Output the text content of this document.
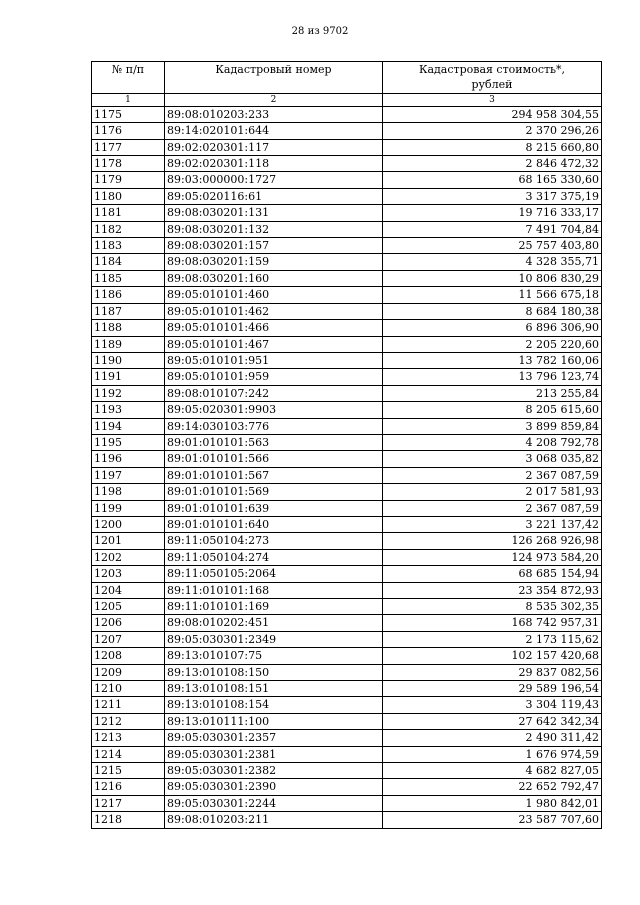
28 из 9702
№ п/п	Кадастровый номер	Кадастровая стоимость*,
рублей
1	2	3
1175	89:08:010203:233	294 958 304,55
1176	89:14:020101:644	2 370 296,26
1177	89:02:020301:117	8 215 660,80
1178	89:02:020301:118	2 846 472,32
1179	89:03:000000:1727	68 165 330,60
1180	89:05:020116:61	3 317 375,19
1181	89:08:030201:131	19 716 333,17
1182	89:08:030201:132	7 491 704,84
1183	89:08:030201:157	25 757 403,80
1184	89:08:030201:159	4 328 355,71
1185	89:08:030201:160	10 806 830,29
1186	89:05:010101:460	11 566 675,18
1187	89:05:010101:462	8 684 180,38
1188	89:05:010101:466	6 896 306,90
1189	89:05:010101:467	2 205 220,60
1190	89:05:010101:951	13 782 160,06
1191	89:05:010101:959	13 796 123,74
1192	89:08:010107:242	213 255,84
1193	89:05:020301:9903	8 205 615,60
1194	89:14:030103:776	3 899 859,84
1195	89:01:010101:563	4 208 792,78
1196	89:01:010101:566	3 068 035,82
1197	89:01:010101:567	2 367 087,59
1198	89:01:010101:569	2 017 581,93
1199	89:01:010101:639	2 367 087,59
1200	89:01:010101:640	3 221 137,42
1201	89:11:050104:273	126 268 926,98
1202	89:11:050104:274	124 973 584,20
1203	89:11:050105:2064	68 685 154,94
1204	89:11:010101:168	23 354 872,93
1205	89:11:010101:169	8 535 302,35
1206	89:08:010202:451	168 742 957,31
1207	89:05:030301:2349	2 173 115,62
1208	89:13:010107:75	102 157 420,68
1209	89:13:010108:150	29 837 082,56
1210	89:13:010108:151	29 589 196,54
1211	89:13:010108:154	3 304 119,43
1212	89:13:010111:100	27 642 342,34
1213	89:05:030301:2357	2 490 311,42
1214	89:05:030301:2381	1 676 974,59
1215	89:05:030301:2382	4 682 827,05
1216	89:05:030301:2390	22 652 792,47
1217	89:05:030301:2244	1 980 842,01
1218	89:08:010203:211	23 587 707,60
